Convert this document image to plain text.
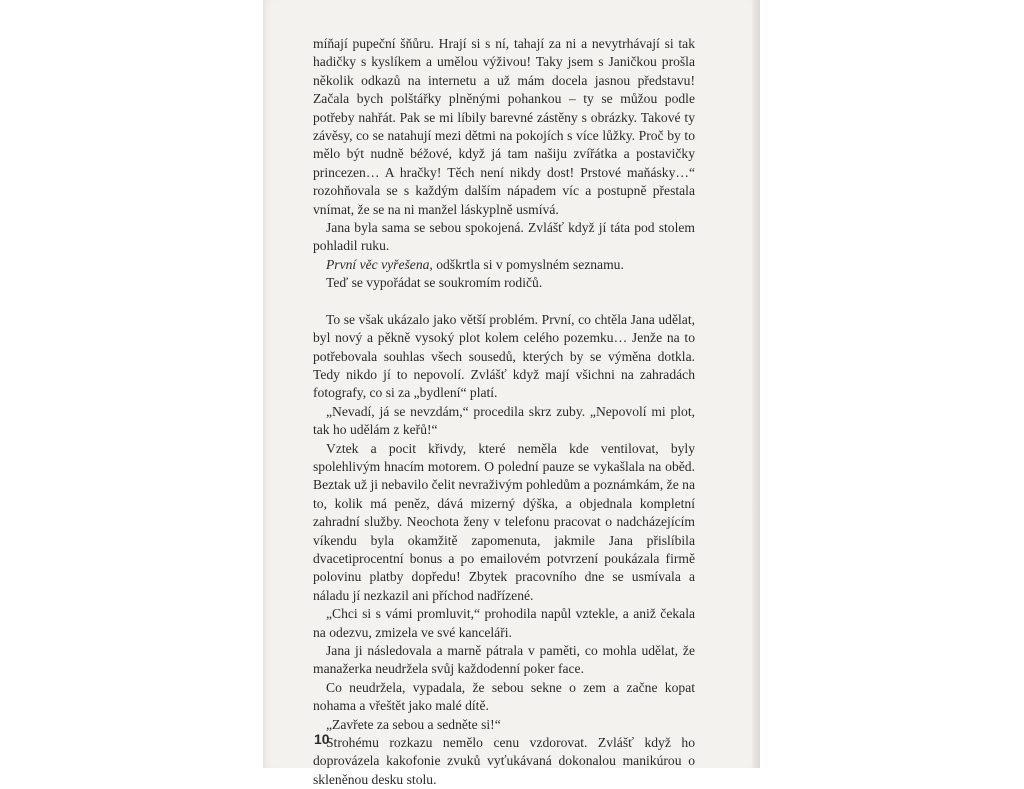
míňají pupeční šňůru. Hrají si s ní, tahají za ni a nevytrhávají si tak hadičky s kyslíkem a umělou výživou! Taky jsem s Janičkou prošla několik odkazů na internetu a už mám docela jasnou představu! Začala bych polštářky plněnými pohankou – ty se můžou podle potřeby nahřát. Pak se mi líbily barevné zástěny s obrázky. Takové ty závěsy, co se natahují mezi dětmi na pokojích s více lůžky. Proč by to mělo být nudně béžové, když já tam našiju zvířátka a postavičky princezen… A hračky! Těch není nikdy dost! Prstové maňásky…“ rozohňovala se s každým dalším nápadem víc a postupně přestala vnímat, že se na ni manžel láskyplně usmívá.

Jana byla sama se sebou spokojená. Zvlášť když jí táta pod stolem pohladil ruku.

První věc vyřešena, odškrtla si v pomyslném seznamu.

Teď se vypořádat se soukromím rodičů.

To se však ukázalo jako větší problém. První, co chtěla Jana udělat, byl nový a pěkně vysoký plot kolem celého pozemku… Jenže na to potřebovala souhlas všech sousedů, kterých by se výměna dotkla. Tedy nikdo jí to nepovolí. Zvlášť když mají všichni na zahradách fotografy, co si za „bydlení“ platí.

„Nevadí, já se nevzdám,“ procedila skrz zuby. „Nepovolí mi plot, tak ho udělám z keřů!“

Vztek a pocit křivdy, které neměla kde ventilovat, byly spolehlivým hnacím motorem. O polední pauze se vykašlala na oběd. Beztak už ji nebavilo čelit nevraživým pohledům a poznámkám, že na to, kolik má peněz, dává mizerný dýška, a objednala kompletní zahradní služby. Neochota ženy v telefonu pracovat o nadcházejícím víkendu byla okamžitě zapomenuta, jakmile Jana přislíbila dvacetiprocentní bonus a po emailovém potvrzení poukázala firmě polovinu platby dopředu! Zbytek pracovního dne se usmívala a náladu jí nezkazil ani příchod nadřízené.

„Chci si s vámi promluvit,“ prohodila napůl vztekle, a aniž čekala na odezvu, zmizela ve své kanceláři.

Jana ji následovala a marně pátrala v paměti, co mohla udělat, že manažerka neudržela svůj každodenní poker face.

Co neudržela, vypadala, že sebou sekne o zem a začne kopat nohama a vřeštět jako malé dítě.

„Zavřete za sebou a sedněte si!“

Strohému rozkazu nemělo cenu vzdorovat. Zvlášť když ho doprovázela kakofonie zvuků vyťukávaná dokonalou manikúrou o skleněnou desku stolu.

10
